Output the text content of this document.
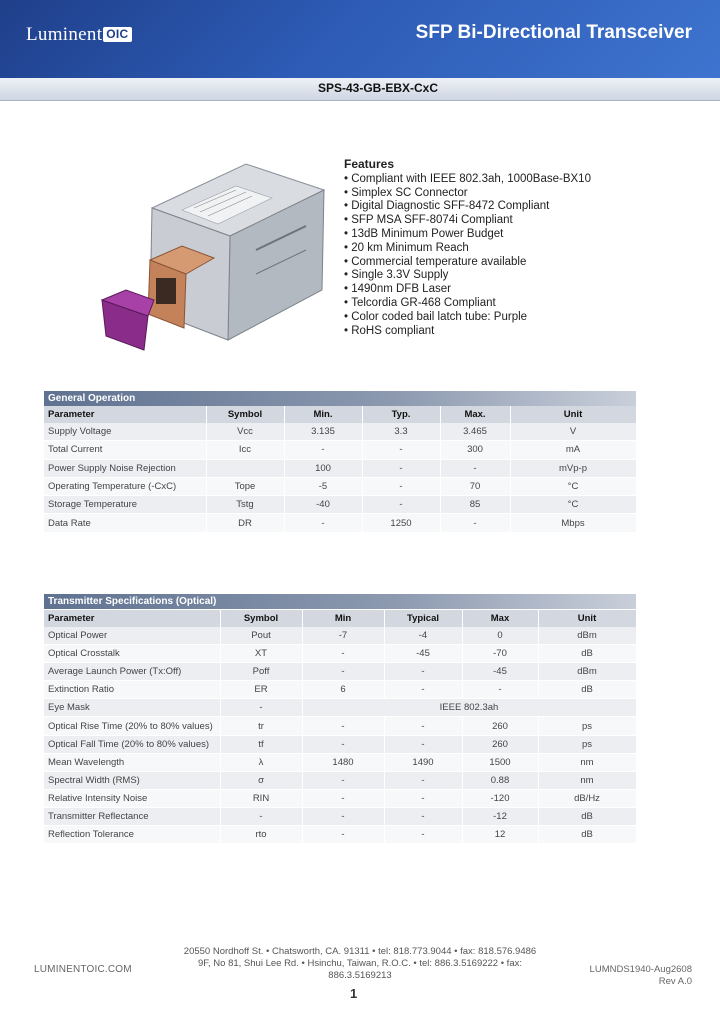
Luminent OIC	SFP Bi-Directional Transceiver
SPS-43-GB-EBX-CxC
Features
• Compliant with IEEE 802.3ah, 1000Base-BX10
• Simplex SC Connector
• Digital Diagnostic SFF-8472 Compliant
• SFP MSA SFF-8074i Compliant
• 13dB Minimum Power Budget
• 20 km Minimum Reach
• Commercial temperature available
• Single 3.3V Supply
• 1490nm DFB Laser
• Telcordia GR-468 Compliant
• Color coded bail latch tube: Purple
• RoHS compliant
General Operation
Parameter	Symbol	Min.	Typ.	Max.	Unit
Supply Voltage	Vcc	3.135	3.3	3.465	V
Total Current	Icc	-	-	300	mA
Power Supply Noise Rejection		100	-	-	mVp-p
Operating Temperature (-CxC)	Tope	-5	-	70	°C
Storage Temperature	Tstg	-40	-	85	°C
Data Rate	DR	-	1250	-	Mbps
Transmitter Specifications (Optical)
Parameter	Symbol	Min	Typical	Max	Unit
Optical Power	Pout	-7	-4	0	dBm
Optical Crosstalk	XT	-	-45	-70	dB
Average Launch Power (Tx:Off)	Poff	-	-	-45	dBm
Extinction Ratio	ER	6	-	-	dB
Eye Mask	-	IEEE 802.3ah			
Optical Rise Time (20% to 80% values)	tr	-	-	260	ps
Optical Fall Time (20% to 80% values)	tf	-	-	260	ps
Mean Wavelength	λ	1480	1490	1500	nm
Spectral Width (RMS)	σ	-	-	0.88	nm
Relative Intensity Noise	RIN	-	-	-120	dB/Hz
Transmitter Reflectance	-	-	-	-12	dB
Reflection Tolerance	rto	-	-	12	dB
LUMINENTOIC.COM
20550 Nordhoff St. • Chatsworth, CA. 91311 • tel: 818.773.9044 • fax: 818.576.9486
9F, No 81, Shui Lee Rd. • Hsinchu, Taiwan, R.O.C. • tel: 886.3.5169222 • fax: 886.3.5169213
LUMNDS1940-Aug2608
Rev A.0
1
